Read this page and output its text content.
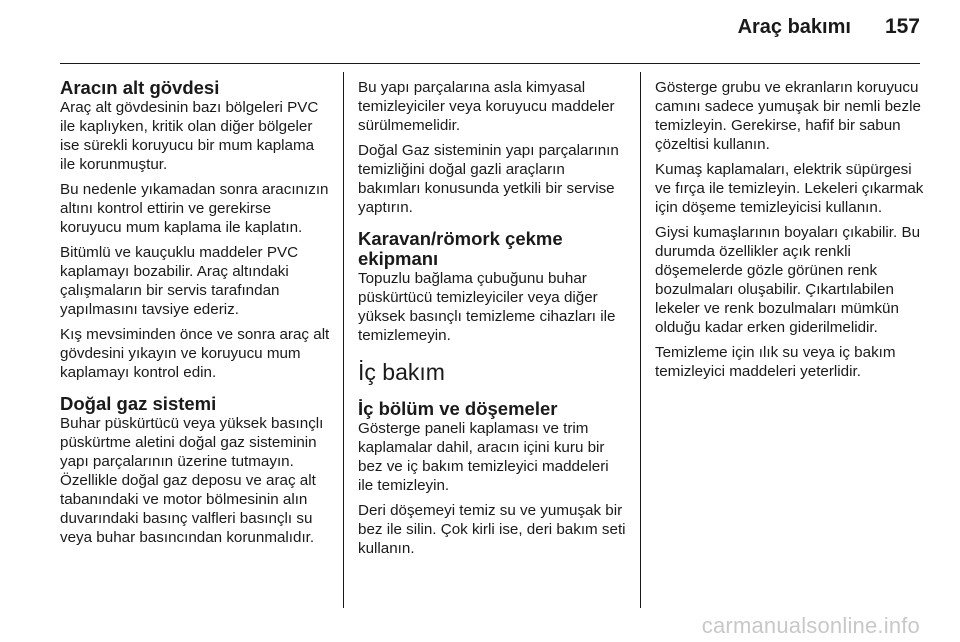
Araç bakımı 157
Aracın alt gövdesi

Araç alt gövdesinin bazı bölgeleri PVC ile kaplıyken, kritik olan diğer bölgeler ise sürekli koruyucu bir mum kaplama ile korunmuştur.

Bu nedenle yıkamadan sonra aracınızın altını kontrol ettirin ve gerekirse koruyucu mum kaplama ile kaplatın.

Bitümlü ve kauçuklu maddeler PVC kaplamayı bozabilir. Araç altındaki çalışmaların bir servis tarafından yapılmasını tavsiye ederiz.

Kış mevsiminden önce ve sonra araç alt gövdesini yıkayın ve koruyucu mum kaplamayı kontrol edin.

Doğal gaz sistemi

Buhar püskürtücü veya yüksek basınçlı püskürtme aletini doğal gaz sisteminin yapı parçalarının üzerine tutmayın. Özellikle doğal gaz deposu ve araç alt tabanındaki ve motor bölmesinin alın duvarındaki basınç valfleri basınçlı su veya buhar basıncından korunmalıdır.

Bu yapı parçalarına asla kimyasal temizleyiciler veya koruyucu maddeler sürülmemelidir.

Doğal Gaz sisteminin yapı parçalarının temizliğini doğal gazli araçların bakımları konusunda yetkili bir servise yaptırın.

Karavan/römork çekme ekipmanı

Topuzlu bağlama çubuğunu buhar püskürtücü temizleyiciler veya diğer yüksek basınçlı temizleme cihazları ile temizlemeyin.

İç bakım
İç bölüm ve döşemeler

Gösterge paneli kaplaması ve trim kaplamalar dahil, aracın içini kuru bir bez ve iç bakım temizleyici maddeleri ile temizleyin.

Deri döşemeyi temiz su ve yumuşak bir bez ile silin. Çok kirli ise, deri bakım seti kullanın.

Gösterge grubu ve ekranların koruyucu camını sadece yumuşak bir nemli bezle temizleyin. Gerekirse, hafif bir sabun çözeltisi kullanın.

Kumaş kaplamaları, elektrik süpürgesi ve fırça ile temizleyin. Lekeleri çıkarmak için döşeme temizleyicisi kullanın.

Giysi kumaşlarının boyaları çıkabilir. Bu durumda özellikler açık renkli döşemelerde gözle görünen renk bozulmaları oluşabilir. Çıkartılabilen lekeler ve renk bozulmaları mümkün olduğu kadar erken giderilmelidir.

Temizleme için ılık su veya iç bakım temizleyici maddeleri yeterlidir.

carmanualsonline.info
